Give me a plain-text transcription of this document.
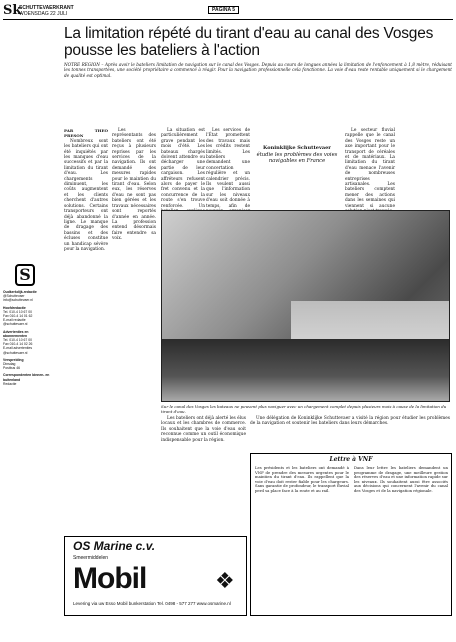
Sk
SCHUTTEVAERKRANT
WOENSDAG 22 JULI
PAGINA 5
S
Oudkerkdijk-redactie
@Schuttevaer
info@schuttevaer.nl
Hoofdredactie
Tel. 010-4 10 67 00
Fax 010-4 14 01 62
E-mail redactie
@schuttevaer.nl
Advertenties en abonnementen
Tel. 010-4 10 67 00
Fax 010-4 14 02 26
E-mail advertenties
@schuttevaer.nl
Verspreiding
Dinsdag
Postbus 46
Correspondenten binnen- en buitenland
Redactie
La limitation répété du tirant d'eau au canal des Vosges pousse les bateliers à l'action
NOTRE REGION – Après avoir le bateliers limitation de navigation sur le canal des Vosges. Depuis au cours de longues années la limitation de l'enfoncement à 1,8 mètre, réduisant les tonnes transportées, une société propriétaire a commencé à réagir. Pour la navigation professionnelle cela fonctionne. La voie d'eau reste rentable uniquement si le chargement de qualité est optimal.

PAR THEO PRESON

Nombreux sont les bateliers qui ont été inquiétés par les manques d'eau successifs et par la limitation du tirant d'eau. Les chargements diminuent, les coûts augmentent et les clients cherchent d'autres solutions. Certains transporteurs ont déjà abandonné la ligne. Le manque de dragage des bassins et des écluses constitue un handicap sévère pour la navigation.

Les représentants des bateliers ont été reçus à plusieurs reprises par les services de la navigation. Ils ont demandé des mesures rapides pour le maintien du tirant d'eau. Selon eux, les réserves d'eau ne sont pas bien gérées et les travaux nécessaires sont reportés d'année en année. La profession entend désormais faire entendre sa voix.

La situation est particulièrement grave pendant les mois d'été. Les bateaux chargés doivent attendre ou décharger une partie de leur cargaison. Les affréteurs refusent alors de payer le fret convenu et la concurrence de la route s'en trouve renforcée. Un

Les services de l'État promettent des travaux mais les crédits restent limités. Les bateliers demandent une concertation régulière et un calendrier précis. Ils veulent aussi que l'information sur les niveaux d'eau soit donnée à temps, afin de

Le secteur fluvial rappelle que le canal des Vosges reste un axe important pour le transport de céréales et de matériaux. La limitation du tirant d'eau menace l'avenir de nombreuses entreprises artisanales. Les bateliers comptent mener des actions dans les semaines qui viennent si aucune

Koninklijke Schuttevaer
étudie les problèmes des voies navigables en France
Sur le canal des Vosges les bateaux ne peuvent plus naviguer avec un chargement complet depuis plusieurs mois à cause de la limitation du tirant d'eau.

Les bateliers ont déjà alerté les élus locaux et les chambres de commerce. Ils souhaitent que la voie d'eau soit reconnue comme un outil économique indispensable pour la région.

Une délégation de Koninklijke Schuttevaer a visité la région pour étudier les problèmes de la navigation et soutenir les bateliers dans leurs démarches.

Lettre à VNF
Les présidents et les bateliers ont demandé à VNF de prendre des mesures urgentes pour le maintien du tirant d'eau. Ils rappellent que la voie d'eau doit rester fiable pour les chargeurs. Sans garantie de profondeur, le transport fluvial perd sa place face à la route et au rail.
Dans leur lettre les bateliers demandent un programme de dragage, une meilleure gestion des réserves d'eau et une information rapide sur les niveaux. Ils souhaitent aussi être associés aux décisions qui concernent l'avenir du canal des Vosges et de la navigation régionale.
OS Marine c.v.
Smeermiddelen
Mobil	❖
Levering via uw Esso Mobil bunkerstation Tel. 0498 - 577 277 www.osmarine.nl
